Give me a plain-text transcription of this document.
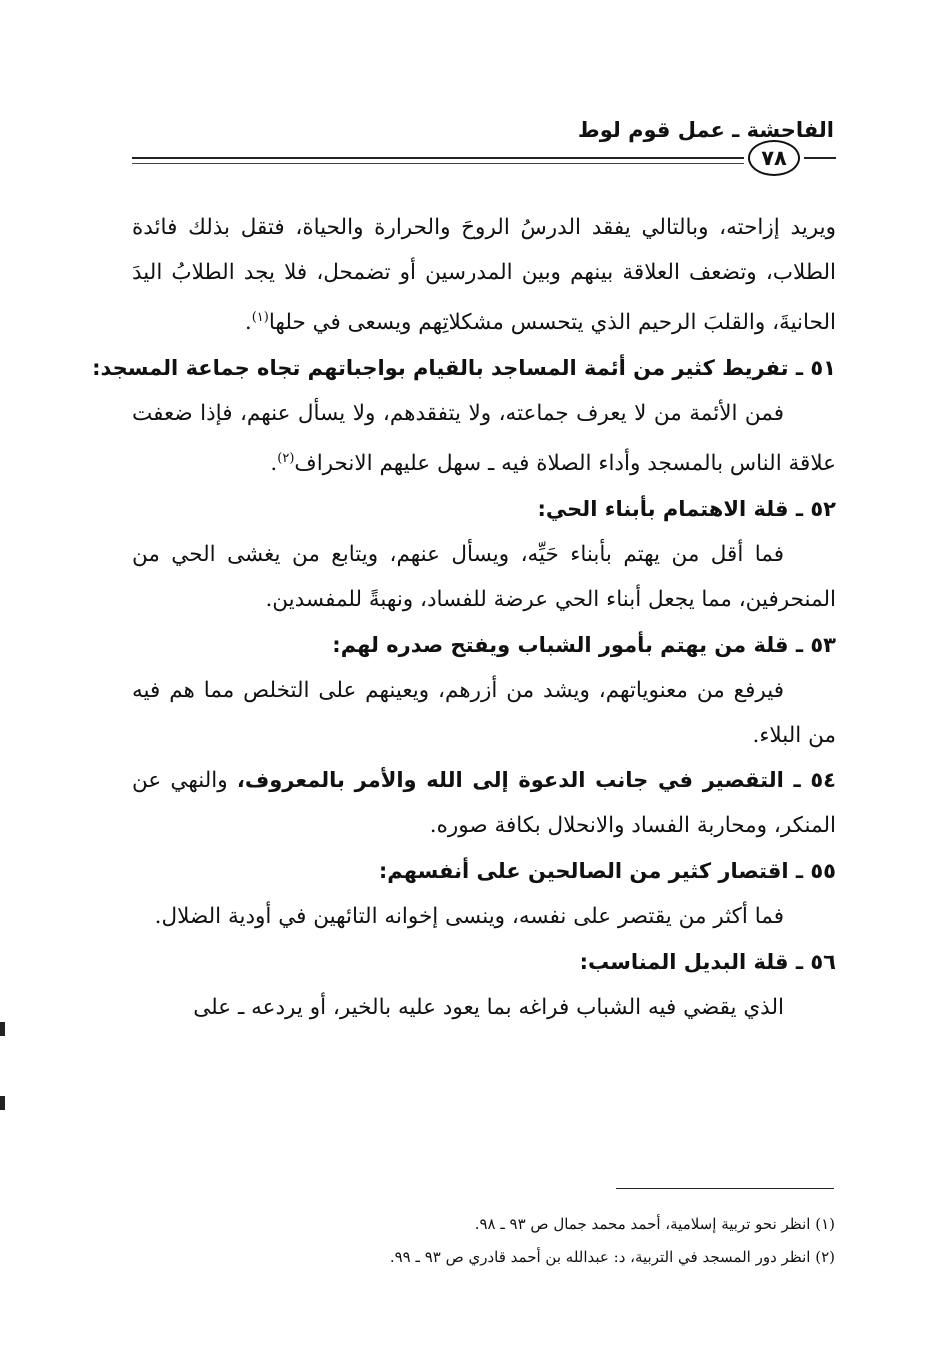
الفاحشة ـ عمل قوم لوط
٧٨

ويريد إزاحته، وبالتالي يفقد الدرسُ الروحَ والحرارة والحياة، فتقل بذلك فائدة الطلاب، وتضعف العلاقة بينهم وبين المدرسين أو تضمحل، فلا يجد الطلابُ اليدَ الحانيةَ، والقلبَ الرحيم الذي يتحسس مشكلاتِهم ويسعى في حلها$^{(١)}$.

٥١ ـ تفريط كثير من أئمة المساجد بالقيام بواجباتهم تجاه جماعة المسجد:

فمن الأئمة من لا يعرف جماعته، ولا يتفقدهم، ولا يسأل عنهم، فإذا ضعفت علاقة الناس بالمسجد وأداء الصلاة فيه ـ سهل عليهم الانحراف$^{(٢)}$.

٥٢ ـ قلة الاهتمام بأبناء الحي:

فما أقل من يهتم بأبناء حَيِّه، ويسأل عنهم، ويتابع من يغشى الحي من المنحرفين، مما يجعل أبناء الحي عرضة للفساد، ونهبةً للمفسدين.

٥٣ ـ قلة من يهتم بأمور الشباب ويفتح صدره لهم:

فيرفع من معنوياتهم، ويشد من أزرهم، ويعينهم على التخلص مما هم فيه من البلاء.

٥٤ ـ التقصير في جانب الدعوة إلى الله والأمر بالمعروف، والنهي عن المنكر، ومحاربة الفساد والانحلال بكافة صوره.

٥٥ ـ اقتصار كثير من الصالحين على أنفسهم:

فما أكثر من يقتصر على نفسه، وينسى إخوانه التائهين في أودية الضلال.

٥٦ ـ قلة البديل المناسب:

الذي يقضي فيه الشباب فراغه بما يعود عليه بالخير، أو يردعه ـ على

(١) انظر نحو تربية إسلامية، أحمد محمد جمال ص ٩٣ ـ ٩٨.
(٢) انظر دور المسجد في التربية، د: عبدالله بن أحمد قادري ص ٩٣ ـ ٩٩.
